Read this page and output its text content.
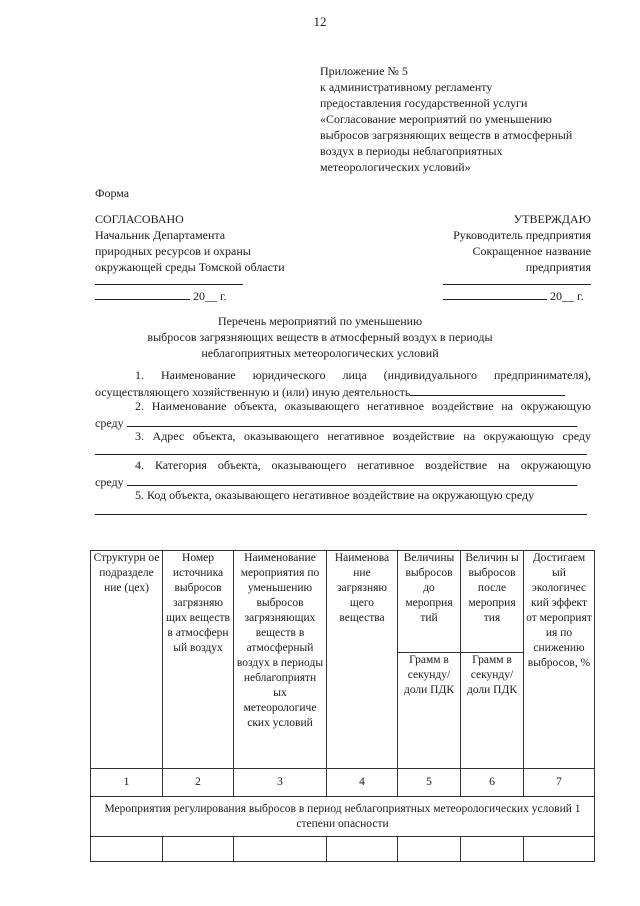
12
Приложение № 5
к административному регламенту
предоставления государственной услуги
«Согласование мероприятий по уменьшению
выбросов загрязняющих веществ в атмосферный
воздух в периоды неблагоприятных
метеорологических условий»
Форма
СОГЛАСОВАНО
Начальник Департамента
природных ресурсов и охраны
окружающей среды Томской области
20__ г.
УТВЕРЖДАЮ
Руководитель предприятия
Сокращенное название
предприятия
20__ г.
Перечень мероприятий по уменьшению
выбросов загрязняющих веществ в атмосферный воздух в периоды
неблагоприятных метеорологических условий
1. Наименование юридического лица (индивидуального предпринимателя),
осуществляющего хозяйственную и (или) иную деятельность
2. Наименование объекта, оказывающего негативное воздействие на окружающую
среду
3. Адрес объекта, оказывающего негативное воздействие на окружающую среду
4. Категория объекта, оказывающего негативное воздействие на окружающую
среду
5. Код объекта, оказывающего негативное воздействие на окружающую среду
Структурн ое подразделе ние (цех)	Номер источника выбросов загрязняю щих веществ в атмосферн ый воздух	Наименование мероприятия по уменьшению выбросов загрязняющих веществ в атмосферный воздух в периоды неблагоприятн ых метеорологиче ских условий	Наименова ние загрязняю щего вещества	Величины выбросов до мероприя тий	Величин ы выбросов после мероприя тия	Достигаем ый экологичес кий эффект от мероприят ия по снижению выбросов, %
				Грамм в секунду/ доли ПДК	Грамм в секунду/ доли ПДК	
1	2	3	4	5	6	7
Мероприятия регулирования выбросов в период неблагоприятных метеорологических условий 1 степени опасности						
